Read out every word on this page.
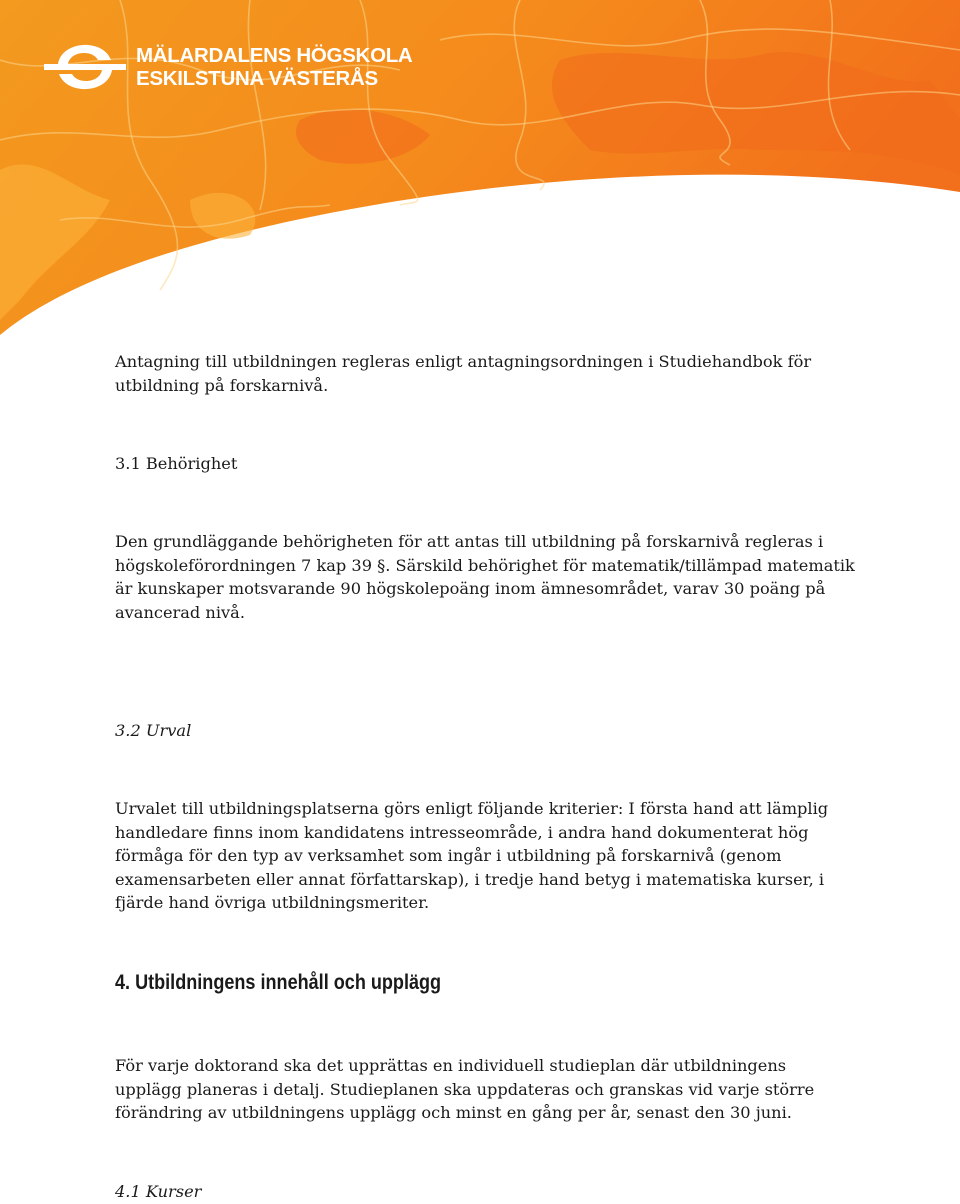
MÄLARDALENS HÖGSKOLA
ESKILSTUNA VÄSTERÅS

Antagning till utbildningen regleras enligt antagningsordningen i Studiehandbok för utbildning på forskarnivå.

3.1 Behörighet

Den grundläggande behörigheten för att antas till utbildning på forskarnivå regleras i högskoleförordningen 7 kap 39 §. Särskild behörighet för matematik/tillämpad matematik är kunskaper motsvarande 90 högskolepoäng inom ämnesområdet, varav 30 poäng på avancerad nivå.

3.2 Urval

Urvalet till utbildningsplatserna görs enligt följande kriterier: I första hand att lämplig handledare finns inom kandidatens intresseområde, i andra hand dokumenterat hög förmåga för den typ av verksamhet som ingår i utbildning på forskarnivå (genom examensarbeten eller annat författarskap), i tredje hand betyg i matematiska kurser, i fjärde hand övriga utbildningsmeriter.

4. Utbildningens innehåll och upplägg

För varje doktorand ska det upprättas en individuell studieplan där utbildningens upplägg planeras i detalj. Studieplanen ska uppdateras och granskas vid varje större förändring av utbildningens upplägg och minst en gång per år, senast den 30 juni.

4.1 Kurser
